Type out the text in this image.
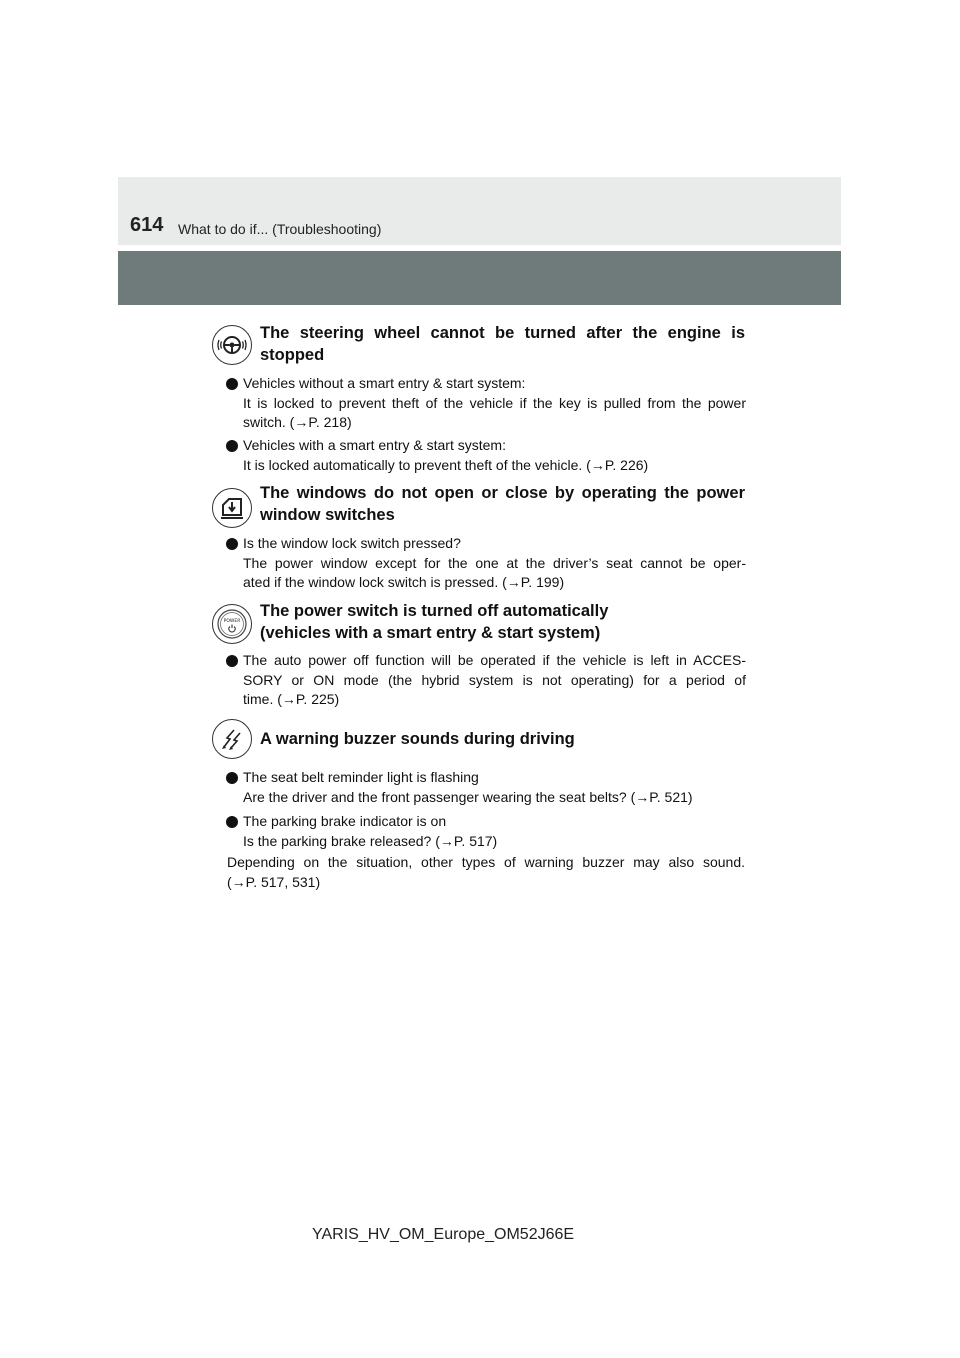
614 What to do if... (Troubleshooting)
The steering wheel cannot be turned after the engine is
stopped
Vehicles without a smart entry & start system:
It is locked to prevent theft of the vehicle if the key is pulled from the power
switch. (→P. 218)
Vehicles with a smart entry & start system:
It is locked automatically to prevent theft of the vehicle. (→P. 226)
The windows do not open or close by operating the power
window switches
Is the window lock switch pressed?
The power window except for the one at the driver’s seat cannot be oper-
ated if the window lock switch is pressed. (→P. 199)
POWER
The power switch is turned off automatically
(vehicles with a smart entry & start system)
The auto power off function will be operated if the vehicle is left in ACCES-
SORY or ON mode (the hybrid system is not operating) for a period of
time. (→P. 225)
A warning buzzer sounds during driving
The seat belt reminder light is flashing
Are the driver and the front passenger wearing the seat belts? (→P. 521)
The parking brake indicator is on
Is the parking brake released? (→P. 517)
Depending on the situation, other types of warning buzzer may also sound.
(→P. 517, 531)
YARIS_HV_OM_Europe_OM52J66E
